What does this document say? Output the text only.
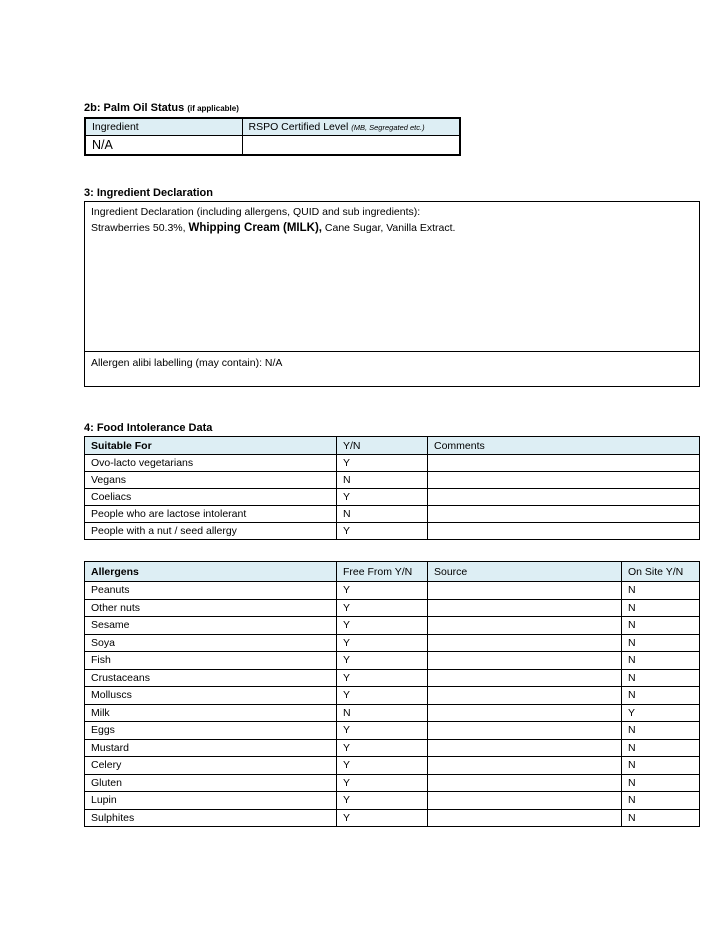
2b: Palm Oil Status (if applicable)
Ingredient	RSPO Certified Level (MB, Segregated etc.)
N/A	
3: Ingredient Declaration
Ingredient Declaration (including allergens, QUID and sub ingredients):
Strawberries 50.3%, Whipping Cream (MILK), Cane Sugar, Vanilla Extract.
Allergen alibi labelling (may contain): N/A
4: Food Intolerance Data
Suitable For	Y/N	Comments
Ovo-lacto vegetarians	Y	
Vegans	N	
Coeliacs	Y	
People who are lactose intolerant	N	
People with a nut / seed allergy	Y	
Allergens	Free From Y/N	Source	On Site Y/N
Peanuts	Y		N
Other nuts	Y		N
Sesame	Y		N
Soya	Y		N
Fish	Y		N
Crustaceans	Y		N
Molluscs	Y		N
Milk	N		Y
Eggs	Y		N
Mustard	Y		N
Celery	Y		N
Gluten	Y		N
Lupin	Y		N
Sulphites	Y		N
